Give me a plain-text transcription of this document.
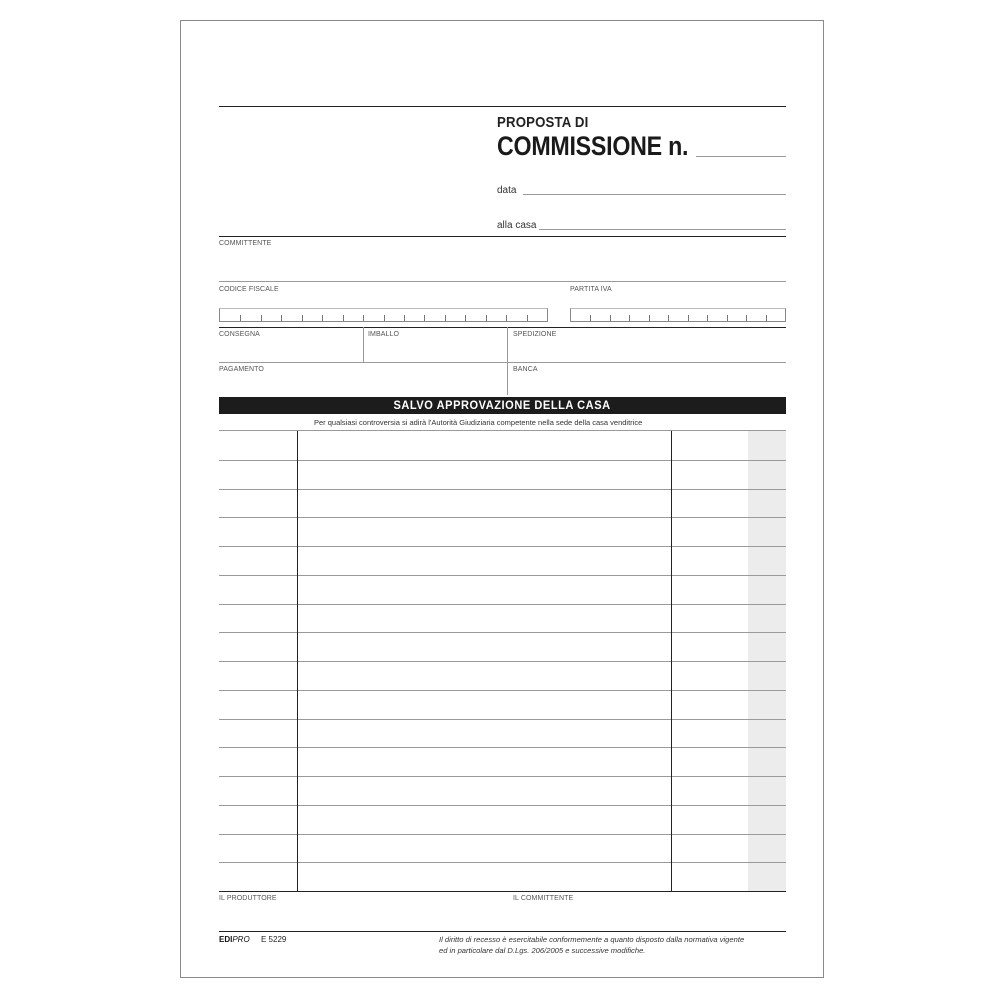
PROPOSTA DI
COMMISSIONE n.
data
alla casa
COMMITTENTE
CODICE FISCALE	PARTITA IVA
CONSEGNA	IMBALLO	SPEDIZIONE
PAGAMENTO	BANCA
SALVO APPROVAZIONE DELLA CASA
Per qualsiasi controversia si adirà l'Autorità Giudiziaria competente nella sede della casa venditrice
IL PRODUTTORE	IL COMMITTENTE
EDIPRO E 5229	Il diritto di recesso è esercitabile conformemente a quanto disposto dalla normativa vigente
ed in particolare dal D.Lgs. 206/2005 e successive modifiche.
